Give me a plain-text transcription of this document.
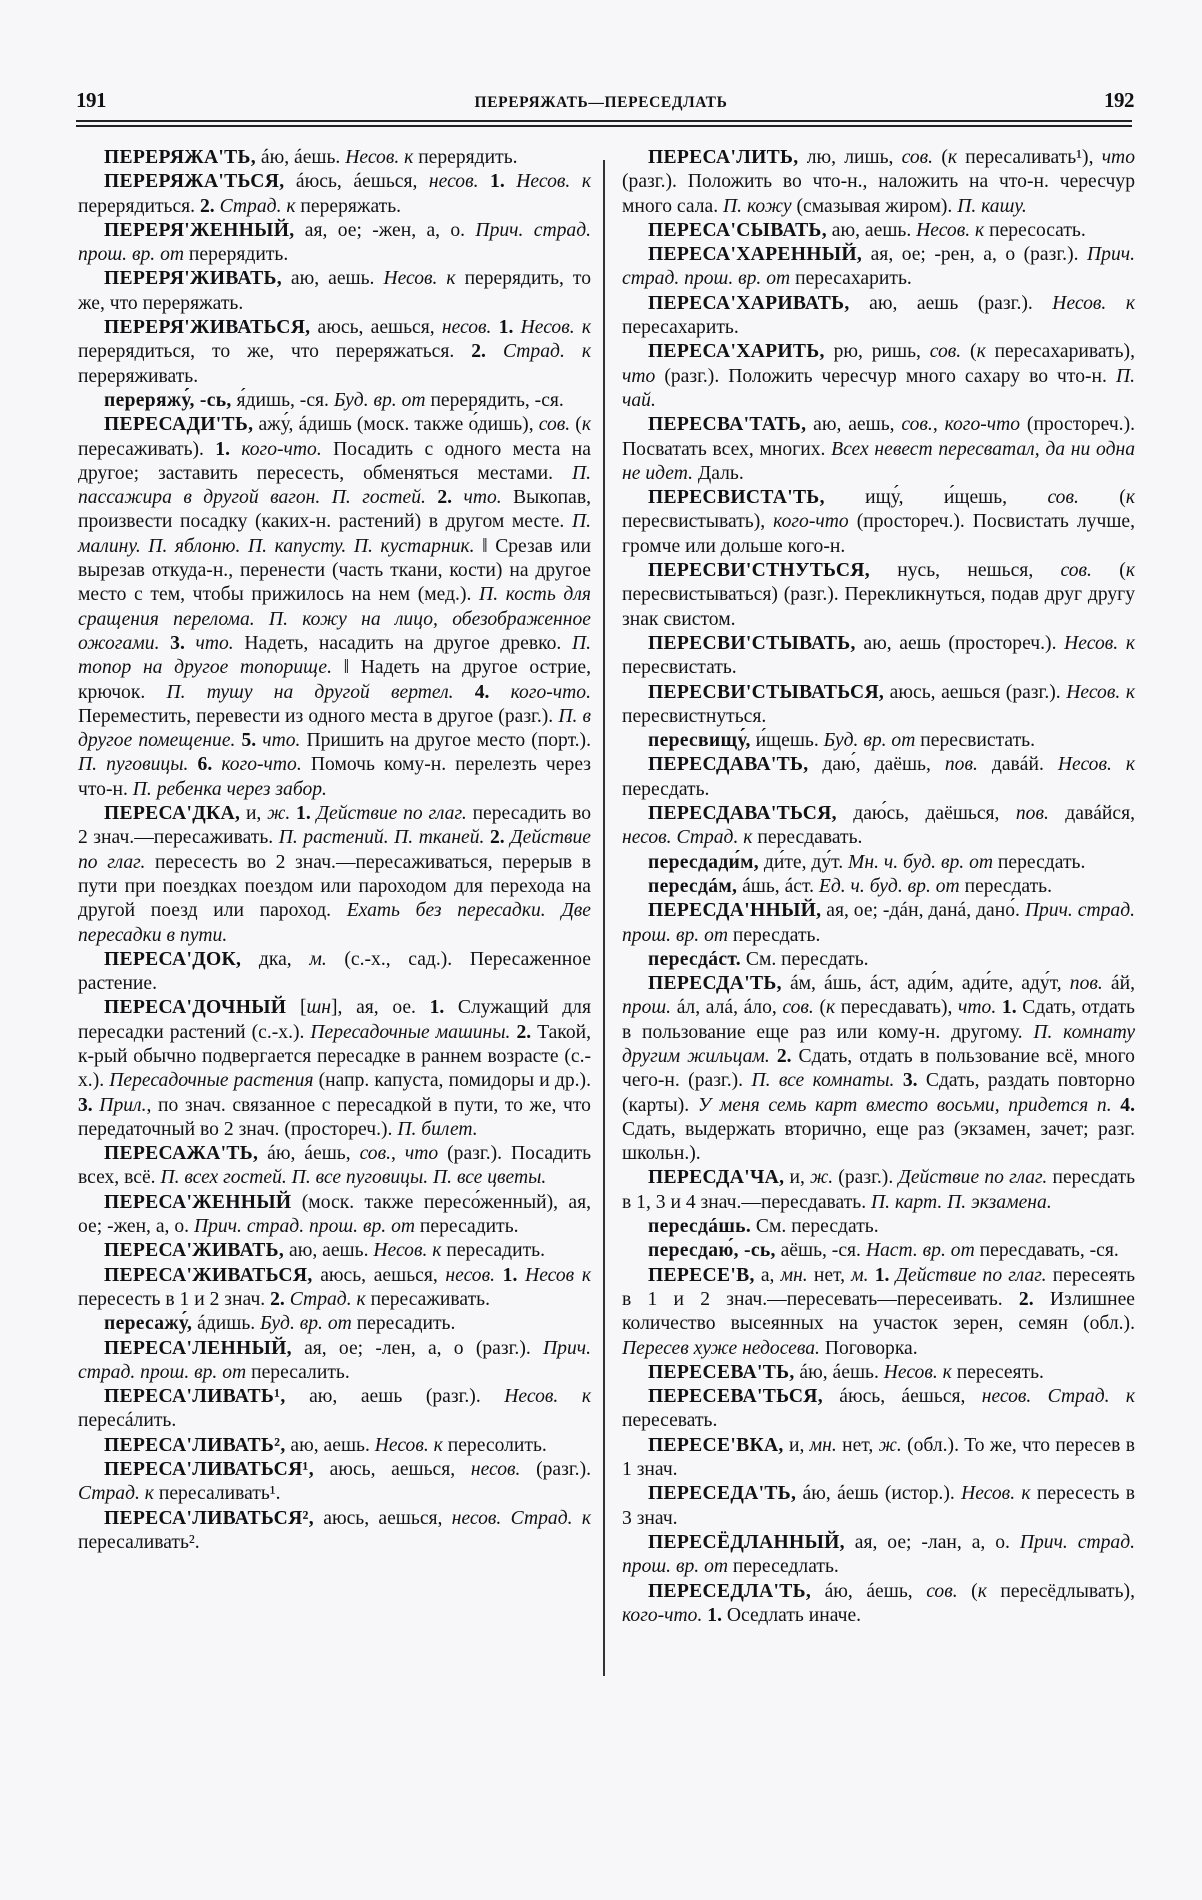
191	ПЕРЕРЯЖАТЬ—ПЕРЕСЕДЛАТЬ	192

ПЕРЕРЯЖА'ТЬ, áю, áешь. Несов. к перерядить.

ПЕРЕРЯЖА'ТЬСЯ, áюсь, áешься, несов. 1. Несов. к перерядиться. 2. Страд. к переряжать.

ПЕРЕРЯ'ЖЕННЫЙ, ая, ое; -жен, а, о. Прич. страд. прош. вр. от перерядить.

ПЕРЕРЯ'ЖИВАТЬ, аю, аешь. Несов. к перерядить, то же, что переряжать.

ПЕРЕРЯ'ЖИВАТЬСЯ, аюсь, аешься, несов. 1. Несов. к перерядиться, то же, что переряжаться. 2. Страд. к переряживать.

переряжу́, -сь, я́дишь, -ся. Буд. вр. от перерядить, -ся.

ПЕРЕСАДИ'ТЬ, ажу́, áдишь (моск. также о́дишь), сов. (к пересаживать). 1. кого-что. Посадить с одного места на другое; заставить пересесть, обменяться местами. П. пассажира в другой вагон. П. гостей. 2. что. Выкопав, произвести посадку (каких-н. растений) в другом месте. П. малину. П. яблоню. П. капусту. П. кустарник. ‖ Срезав или вырезав откуда-н., перенести (часть ткани, кости) на другое место с тем, чтобы прижилось на нем (мед.). П. кость для сращения перелома. П. кожу на лицо, обезображенное ожогами. 3. что. Надеть, насадить на другое древко. П. топор на другое топорище. ‖ Надеть на другое острие, крючок. П. тушу на другой вертел. 4. кого-что. Переместить, перевести из одного места в другое (разг.). П. в другое помещение. 5. что. Пришить на другое место (порт.). П. пуговицы. 6. кого-что. Помочь кому-н. перелезть через что-н. П. ребенка через забор.

ПЕРЕСА'ДКА, и, ж. 1. Действие по глаг. пересадить во 2 знач.—пересаживать. П. растений. П. тканей. 2. Действие по глаг. пересесть во 2 знач.—пересаживаться, перерыв в пути при поездках поездом или пароходом для перехода на другой поезд или пароход. Ехать без пересадки. Две пересадки в пути.

ПЕРЕСА'ДОК, дка, м. (с.-х., сад.). Пересаженное растение.

ПЕРЕСА'ДОЧНЫЙ [шн], ая, ое. 1. Служащий для пересадки растений (с.-х.). Пересадочные машины. 2. Такой, к-рый обычно подвергается пересадке в раннем возрасте (с.-х.). Пересадочные растения (напр. капуста, помидоры и др.). 3. Прил., по знач. связанное с пересадкой в пути, то же, что передаточный во 2 знач. (простореч.). П. билет.

ПЕРЕСАЖА'ТЬ, áю, áешь, сов., что (разг.). Посадить всех, всё. П. всех гостей. П. все пуговицы. П. все цветы.

ПЕРЕСА'ЖЕННЫЙ (моск. также пересо́женный), ая, ое; -жен, а, о. Прич. страд. прош. вр. от пересадить.

ПЕРЕСА'ЖИВАТЬ, аю, аешь. Несов. к пересадить.

ПЕРЕСА'ЖИВАТЬСЯ, аюсь, аешься, несов. 1. Несов к пересесть в 1 и 2 знач. 2. Страд. к пересаживать.

пересажу́, áдишь. Буд. вр. от пересадить.

ПЕРЕСА'ЛЕННЫЙ, ая, ое; -лен, а, о (разг.). Прич. страд. прош. вр. от пересалить.

ПЕРЕСА'ЛИВАТЬ¹, аю, аешь (разг.). Несов. к пересáлить.

ПЕРЕСА'ЛИВАТЬ², аю, аешь. Несов. к пересолить.

ПЕРЕСА'ЛИВАТЬСЯ¹, аюсь, аешься, несов. (разг.). Страд. к пересаливать¹.

ПЕРЕСА'ЛИВАТЬСЯ², аюсь, аешься, несов. Страд. к пересаливать².

ПЕРЕСА'ЛИТЬ, лю, лишь, сов. (к пересаливать¹), что (разг.). Положить во что-н., наложить на что-н. чересчур много сала. П. кожу (смазывая жиром). П. кашу.

ПЕРЕСА'СЫВАТЬ, аю, аешь. Несов. к пересосать.

ПЕРЕСА'ХАРЕННЫЙ, ая, ое; -рен, а, о (разг.). Прич. страд. прош. вр. от пересахарить.

ПЕРЕСА'ХАРИВАТЬ, аю, аешь (разг.). Несов. к пересахарить.

ПЕРЕСА'ХАРИТЬ, рю, ришь, сов. (к пересахаривать), что (разг.). Положить чересчур много сахару во что-н. П. чай.

ПЕРЕСВА'ТАТЬ, аю, аешь, сов., кого-что (простореч.). Посватать всех, многих. Всех невест пересватал, да ни одна не идет. Даль.

ПЕРЕСВИСТА'ТЬ, ищу́, и́щешь, сов. (к пересвистывать), кого-что (простореч.). Посвистать лучше, громче или дольше кого-н.

ПЕРЕСВИ'СТНУТЬСЯ, нусь, нешься, сов. (к пересвистываться) (разг.). Перекликнуться, подав друг другу знак свистом.

ПЕРЕСВИ'СТЫВАТЬ, аю, аешь (простореч.). Несов. к пересвистать.

ПЕРЕСВИ'СТЫВАТЬСЯ, аюсь, аешься (разг.). Несов. к пересвистнуться.

пересвищу́, и́щешь. Буд. вр. от пересвистать.

ПЕРЕСДАВА'ТЬ, даю́, даёшь, пов. давáй. Несов. к пересдать.

ПЕРЕСДАВА'ТЬСЯ, даю́сь, даёшься, пов. давáйся, несов. Страд. к пересдавать.

пересдади́м, ди́те, ду́т. Мн. ч. буд. вр. от пересдать.

пересдáм, áшь, áст. Ед. ч. буд. вр. от пересдать.

ПЕРЕСДА'ННЫЙ, ая, ое; -дáн, данá, дано́. Прич. страд. прош. вр. от пересдать.

пересдáст. См. пересдать.

ПЕРЕСДА'ТЬ, áм, áшь, áст, ади́м, ади́те, аду́т, пов. áй, прош. áл, алá, áло, сов. (к пересдавать), что. 1. Сдать, отдать в пользование еще раз или кому-н. другому. П. комнату другим жильцам. 2. Сдать, отдать в пользование всё, много чего-н. (разг.). П. все комнаты. 3. Сдать, раздать повторно (карты). У меня семь карт вместо восьми, придется п. 4. Сдать, выдержать вторично, еще раз (экзамен, зачет; разг. школьн.).

ПЕРЕСДА'ЧА, и, ж. (разг.). Действие по глаг. пересдать в 1, 3 и 4 знач.—пересдавать. П. карт. П. экзамена.

пересдáшь. См. пересдать.

пересдаю́, -сь, аёшь, -ся. Наст. вр. от пересдавать, -ся.

ПЕРЕСЕ'В, а, мн. нет, м. 1. Действие по глаг. пересеять в 1 и 2 знач.—пересевать—пересеивать. 2. Излишнее количество высеянных на участок зерен, семян (обл.). Пересев хуже недосева. Поговорка.

ПЕРЕСЕВА'ТЬ, áю, áешь. Несов. к пересеять.

ПЕРЕСЕВА'ТЬСЯ, áюсь, áешься, несов. Страд. к пересевать.

ПЕРЕСЕ'ВКА, и, мн. нет, ж. (обл.). То же, что пересев в 1 знач.

ПЕРЕСЕДА'ТЬ, áю, áешь (истор.). Несов. к пересесть в 3 знач.

ПЕРЕСЁДЛАННЫЙ, ая, ое; -лан, а, о. Прич. страд. прош. вр. от переседлать.

ПЕРЕСЕДЛА'ТЬ, áю, áешь, сов. (к пересёдлывать), кого-что. 1. Оседлать иначе.
